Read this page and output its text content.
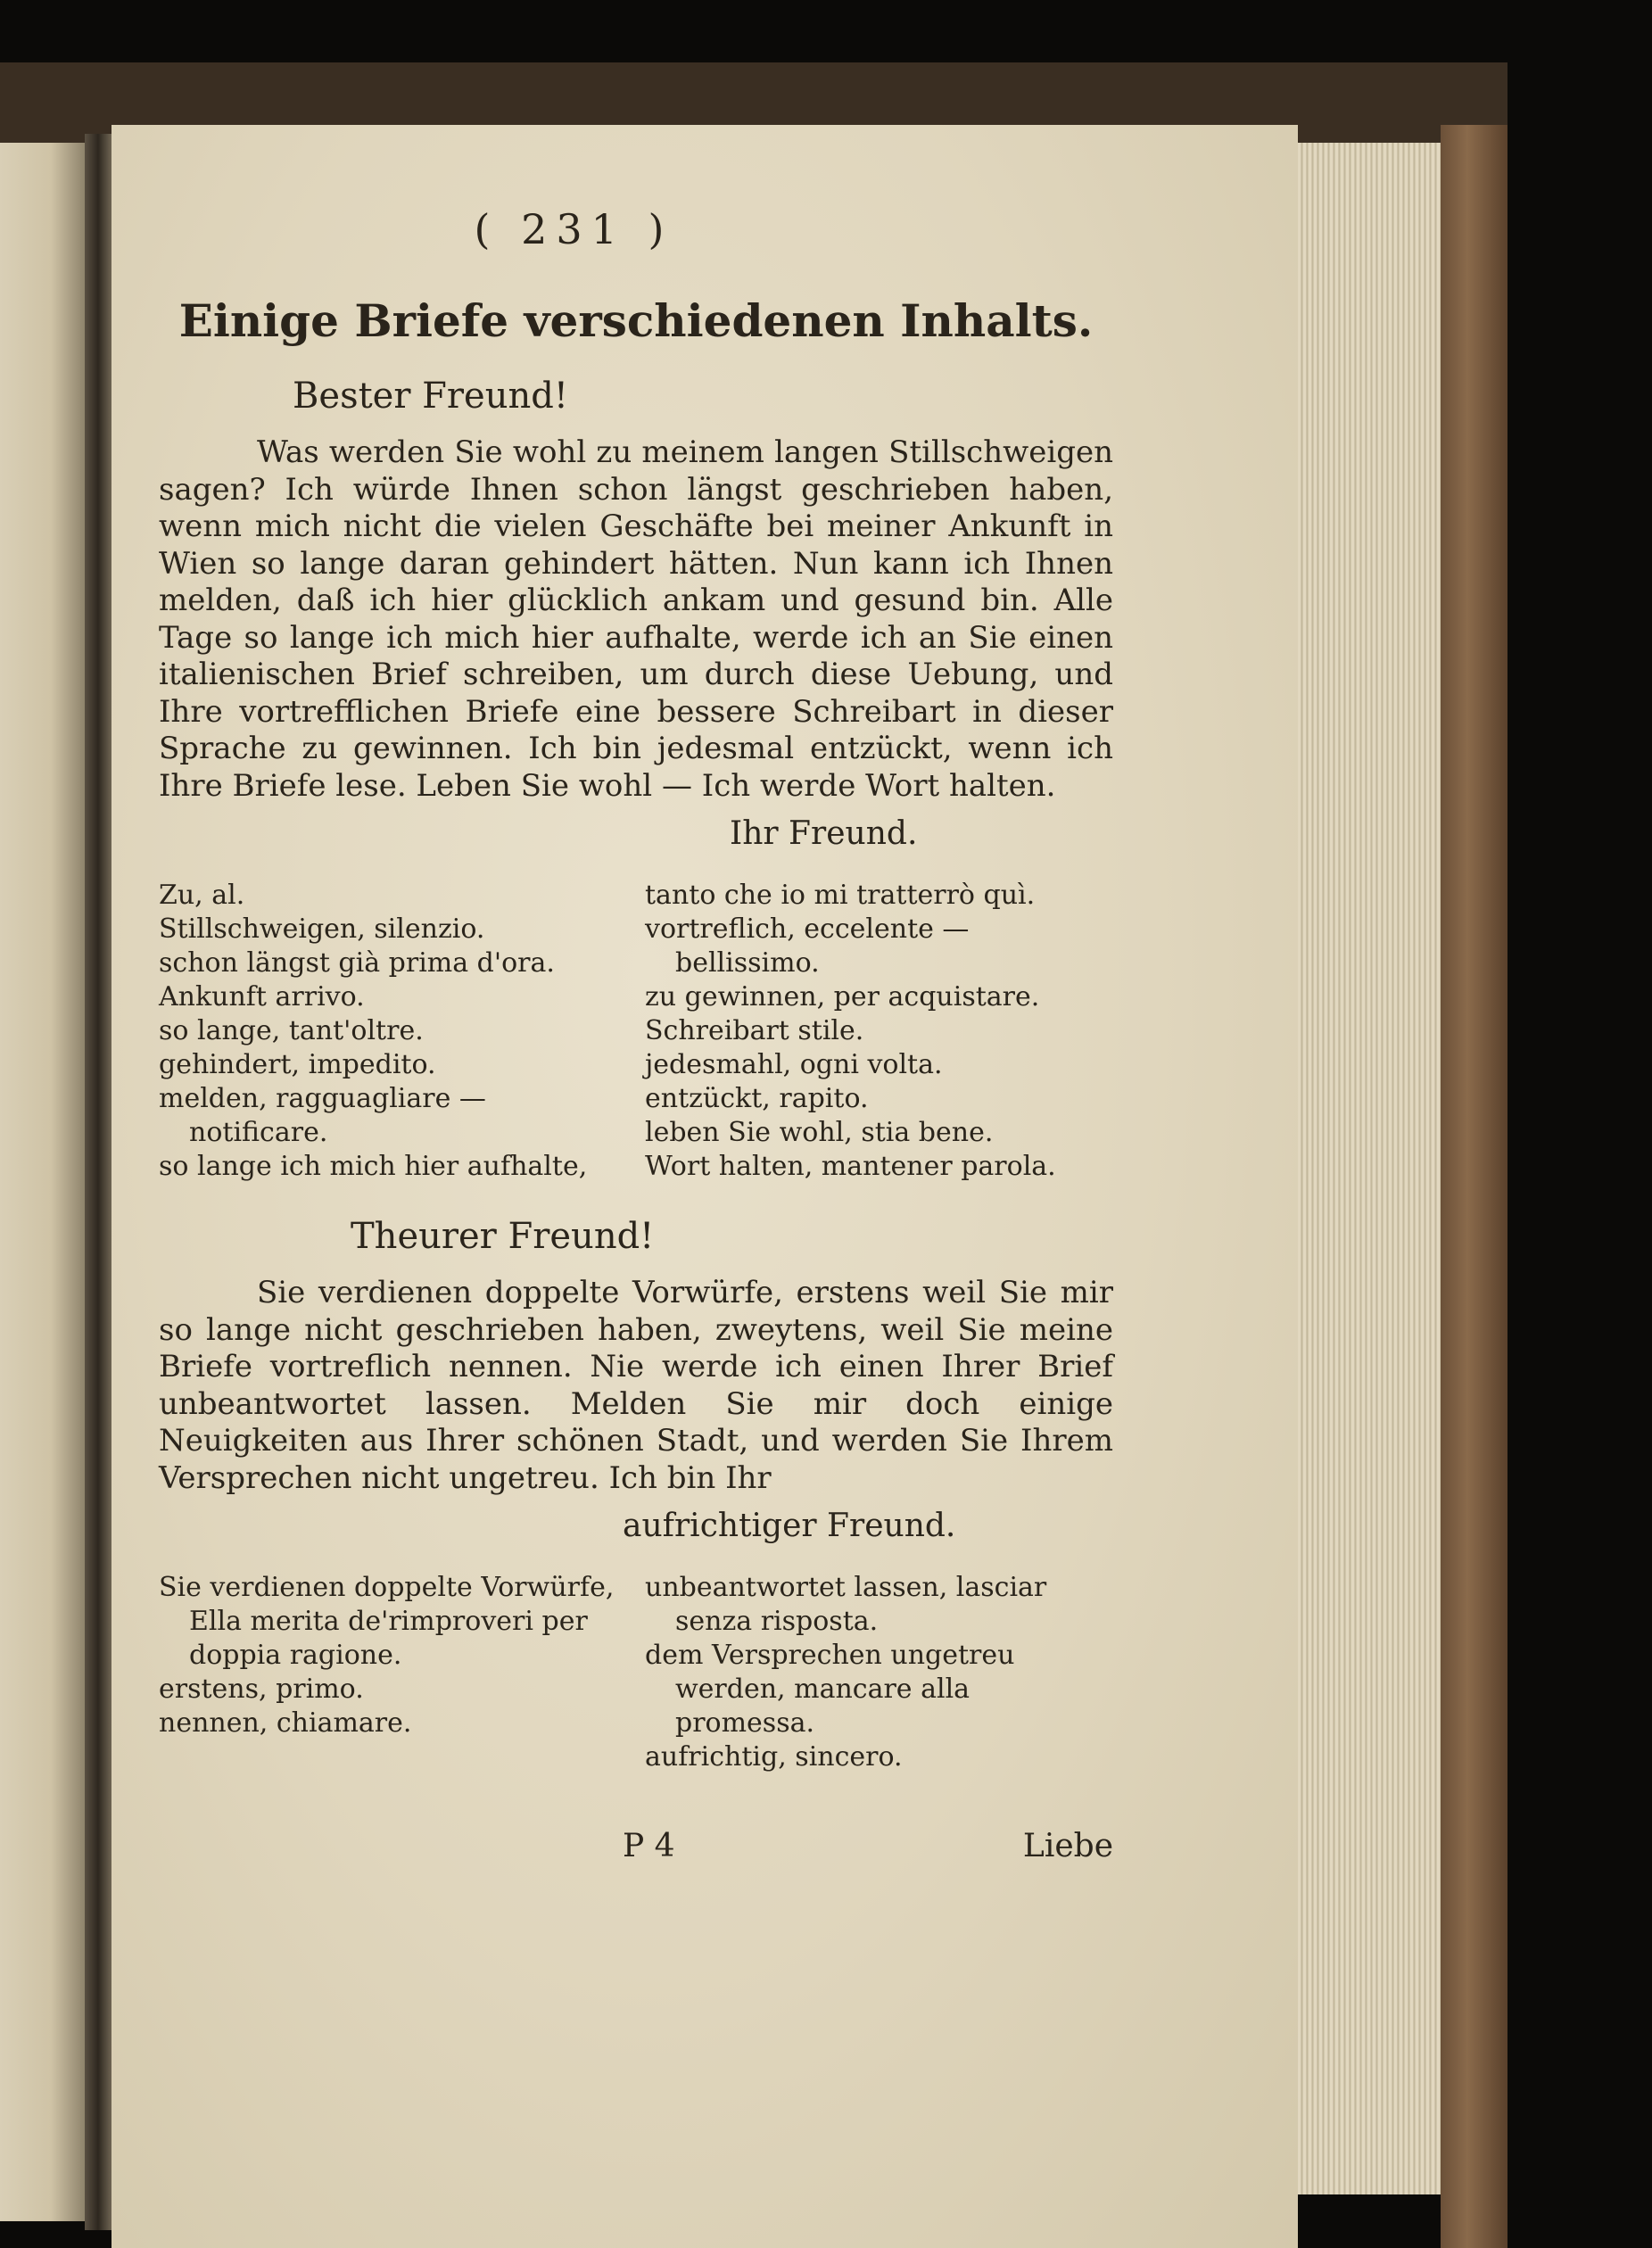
( 231 )
Einige Briefe verschiedenen Inhalts.
Bester Freund!
Was werden Sie wohl zu meinem langen Stillschweigen sagen? Ich würde Ihnen schon längst geschrieben haben, wenn mich nicht die vielen Geschäfte bei meiner Ankunft in Wien so lange daran gehindert hätten. Nun kann ich Ihnen melden, daß ich hier glücklich ankam und gesund bin. Alle Tage so lange ich mich hier aufhalte, werde ich an Sie einen italienischen Brief schreiben, um durch diese Uebung, und Ihre vortrefflichen Briefe eine bessere Schreibart in dieser Sprache zu gewinnen. Ich bin jedesmal entzückt, wenn ich Ihre Briefe lese. Leben Sie wohl — Ich werde Wort halten.
Ihr Freund.
Zu, al.
Stillschweigen, silenzio.
schon längst già prima d'ora.
Ankunft arrivo.
so lange, tant'oltre.
gehindert, impedito.
melden, ragguagliare — notificare.
so lange ich mich hier aufhalte,
tanto che io mi tratterrò quì.
vortreflich, eccelente — bellissimo.
zu gewinnen, per acquistare.
Schreibart stile.
jedesmahl, ogni volta.
entzückt, rapito.
leben Sie wohl, stia bene.
Wort halten, mantener parola.
Theurer Freund!
Sie verdienen doppelte Vorwürfe, erstens weil Sie mir so lange nicht geschrieben haben, zweytens, weil Sie meine Briefe vortreflich nennen. Nie werde ich einen Ihrer Brief unbeantwortet lassen. Melden Sie mir doch einige Neuigkeiten aus Ihrer schönen Stadt, und werden Sie Ihrem Versprechen nicht ungetreu. Ich bin Ihr
aufrichtiger Freund.
Sie verdienen doppelte Vorwürfe, Ella merita de'rimproveri per doppia ragione.
erstens, primo.
nennen, chiamare.
unbeantwortet lassen, lasciar senza risposta.
dem Versprechen ungetreu werden, mancare alla promessa.
aufrichtig, sincero.
P 4	Liebe
